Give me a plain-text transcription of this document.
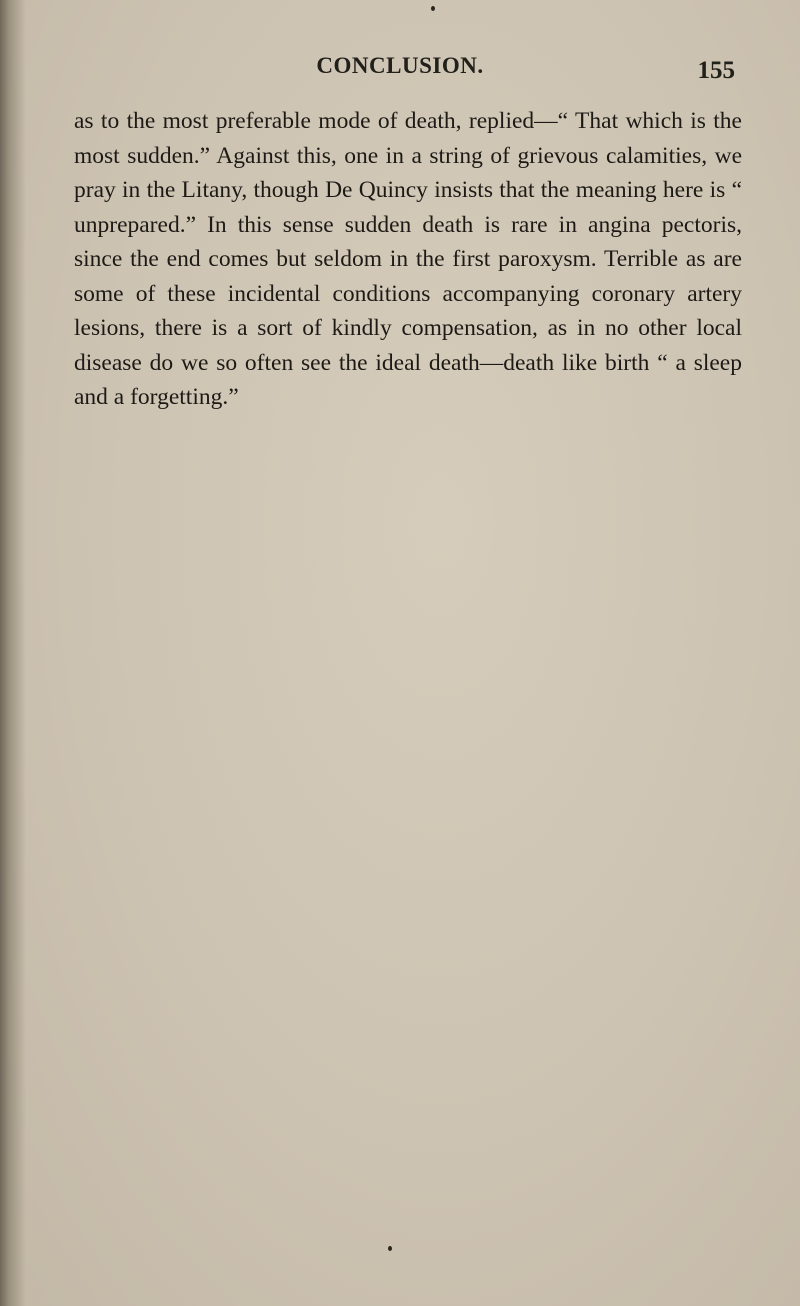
CONCLUSION.	155

as to the most preferable mode of death, replied—“ That which is the most sudden.” Against this, one in a string of grievous calamities, we pray in the Litany, though De Quincy insists that the meaning here is “ unprepared.” In this sense sudden death is rare in angina pectoris, since the end comes but seldom in the first paroxysm. Terrible as are some of these incidental conditions accompanying coronary artery lesions, there is a sort of kindly compensation, as in no other local disease do we so often see the ideal death—death like birth “ a sleep and a forgetting.”
